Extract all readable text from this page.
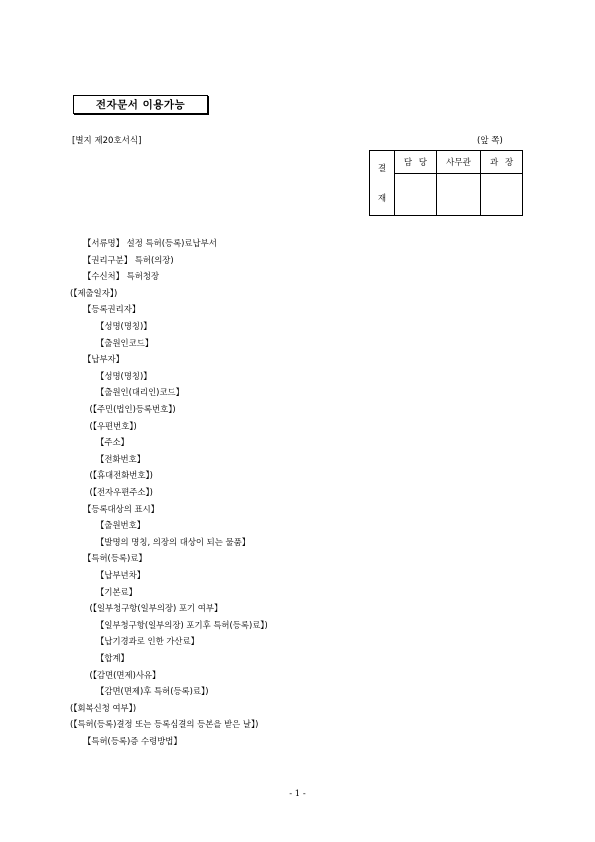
전자문서 이용가능
[별지 제20호서식]	(앞 쪽)
결
재	담 당	사무관	과 장

【서류명】 설정 특허(등록)료납부서
【권리구분】 특허(의장)
【수신처】 특허청장
(【제출일자】)
【등록권리자】
【성명(명칭)】
【출원인코드】
【납부자】
【성명(명칭)】
【출원인(대리인)코드】
(【주민(법인)등록번호】)
(【우편번호】)
【주소】
【전화번호】
(【휴대전화번호】)
(【전자우편주소】)
【등록대상의 표시】
【출원번호】
【발명의 명칭, 의장의 대상이 되는 물품】
【특허(등록)료】
【납부년차】
【기본료】
(【일부청구항(일부의장) 포기 여부】
【일부청구항(일부의장) 포기후 특허(등록)료】)
【납기경과로 인한 가산료】
【합계】
(【감면(면제)사유】
【감면(면제)후 특허(등록)료】)
(【회복신청 여부】)
(【특허(등록)결정 또는 등록심결의 등본을 받은 날】)
【특허(등록)증 수령방법】
- 1 -
